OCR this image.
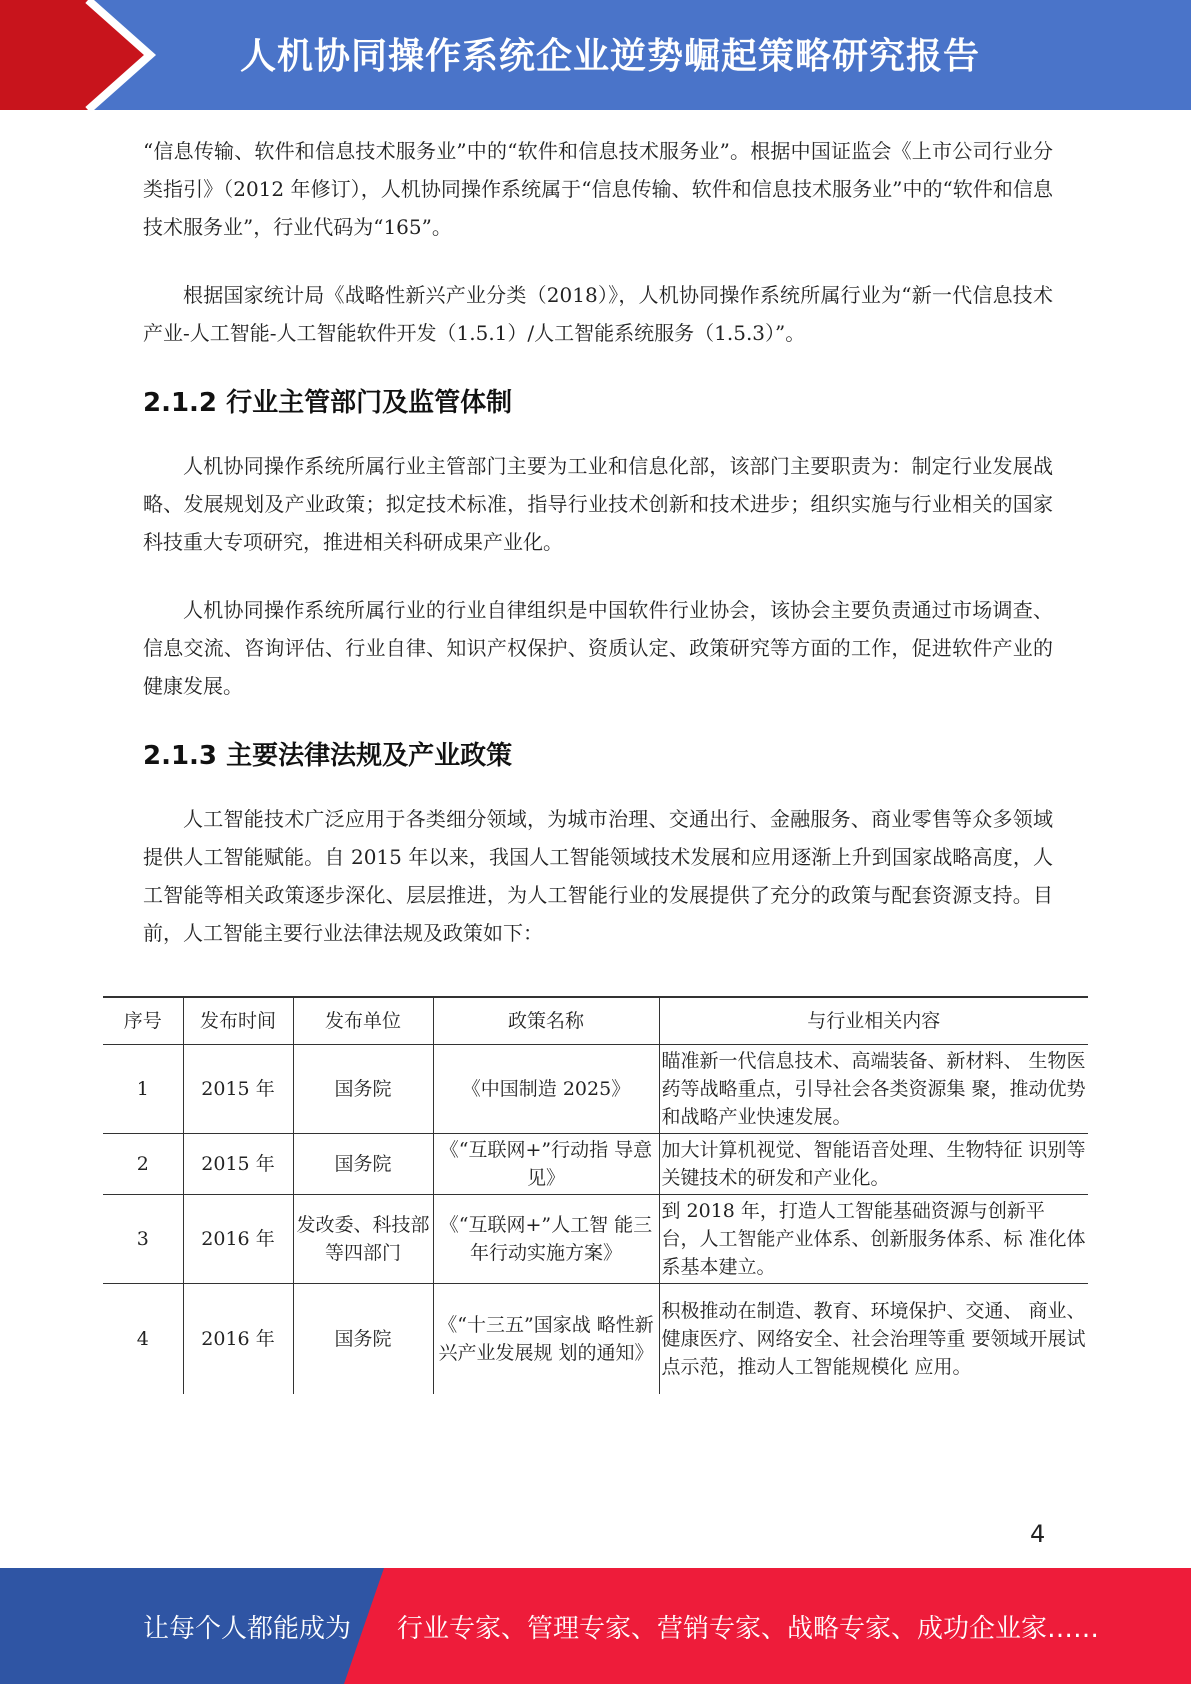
人机协同操作系统企业逆势崛起策略研究报告

“信息传输、软件和信息技术服务业”中的“软件和信息技术服务业”。根据中国证监会《上市公司行业分类指引》（2012 年修订），人机协同操作系统属于“信息传输、软件和信息技术服务业”中的“软件和信息技术服务业”，行业代码为“165”。

根据国家统计局《战略性新兴产业分类（2018）》，人机协同操作系统所属行业为“新一代信息技术产业-人工智能-人工智能软件开发（1.5.1）/人工智能系统服务（1.5.3）”。

2.1.2 行业主管部门及监管体制

人机协同操作系统所属行业主管部门主要为工业和信息化部，该部门主要职责为：制定行业发展战略、发展规划及产业政策；拟定技术标准，指导行业技术创新和技术进步；组织实施与行业相关的国家科技重大专项研究，推进相关科研成果产业化。

人机协同操作系统所属行业的行业自律组织是中国软件行业协会，该协会主要负责通过市场调查、信息交流、咨询评估、行业自律、知识产权保护、资质认定、政策研究等方面的工作，促进软件产业的健康发展。

2.1.3 主要法律法规及产业政策

人工智能技术广泛应用于各类细分领域，为城市治理、交通出行、金融服务、商业零售等众多领域提供人工智能赋能。自 2015 年以来，我国人工智能领域技术发展和应用逐渐上升到国家战略高度，人工智能等相关政策逐步深化、层层推进，为人工智能行业的发展提供了充分的政策与配套资源支持。目前，人工智能主要行业法律法规及政策如下：

序号	发布时间	发布单位	政策名称	与行业相关内容
1	2015 年	国务院	《中国制造 2025》	瞄准新一代信息技术、高端装备、新材料、 生物医药等战略重点，引导社会各类资源集 聚，推动优势和战略产业快速发展。
2	2015 年	国务院	《“互联网+”行动指 导意见》	加大计算机视觉、智能语音处理、生物特征 识别等关键技术的研发和产业化。
3	2016 年	发改委、科技部等四部门	《“互联网+”人工智 能三年行动实施方案》	到 2018 年，打造人工智能基础资源与创新平 台，人工智能产业体系、创新服务体系、标 准化体系基本建立。
4	2016 年	国务院	《“十三五”国家战 略性新兴产业发展规 划的通知》	积极推动在制造、教育、环境保护、交通、 商业、健康医疗、网络安全、社会治理等重 要领域开展试点示范，推动人工智能规模化 应用。
4
让每个人都能成为 行业专家、管理专家、营销专家、战略专家、成功企业家……
